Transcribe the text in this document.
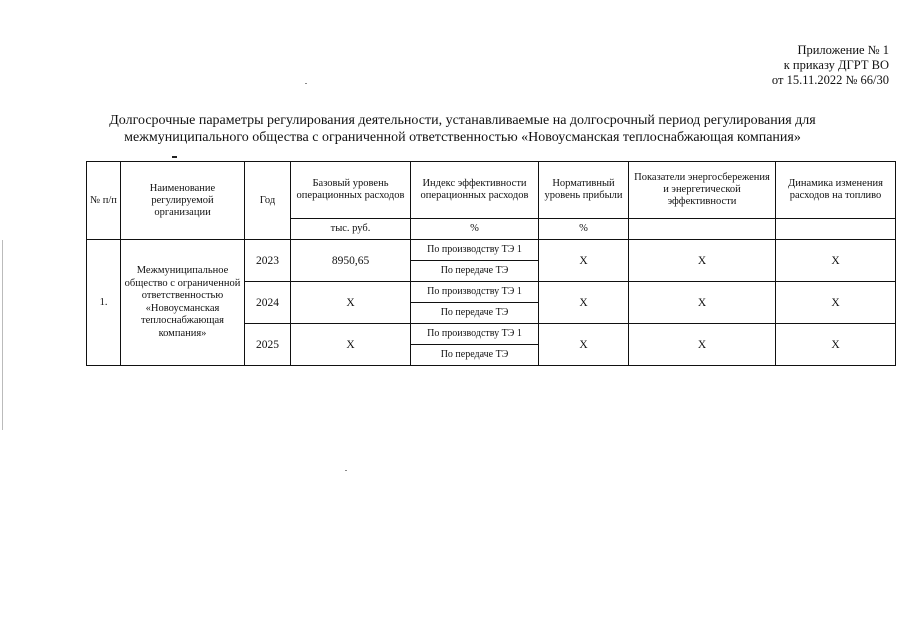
Приложение № 1
к приказу ДГРТ ВО
от 15.11.2022 № 66/30
Долгосрочные параметры регулирования деятельности, устанавливаемые на долгосрочный период регулирования для
межмуниципального общества с ограниченной ответственностью «Новоусманская теплоснабжающая компания»
№ п/п	Наименование регулируемой организации	Год	Базовый уровень операционных расходов	Индекс эффективности операционных расходов	Нормативный уровень прибыли	Показатели энергосбережения и энергетической эффективности	Динамика изменения расходов на топливо
			тыс. руб.	%	%		
1.	Межмуниципальное общество с ограниченной ответственностью «Новоусманская теплоснабжающая компания»	2023	8950,65	По производству ТЭ 1	X	X	X
				По передаче ТЭ			
		2024	X	По производству ТЭ 1	X	X	X
				По передаче ТЭ			
		2025	X	По производству ТЭ 1	X	X	X
				По передаче ТЭ			
